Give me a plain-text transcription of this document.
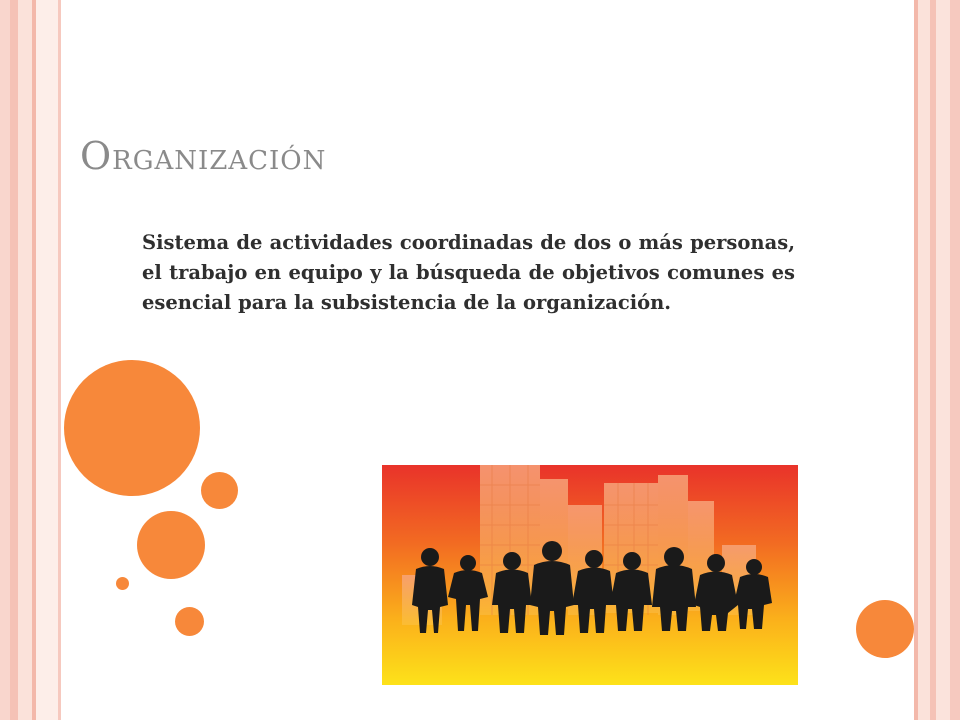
ORGANIZACIÓN
Sistema de actividades coordinadas de dos o más personas, el trabajo en equipo y la búsqueda de objetivos comunes es esencial para la subsistencia de la organización.
